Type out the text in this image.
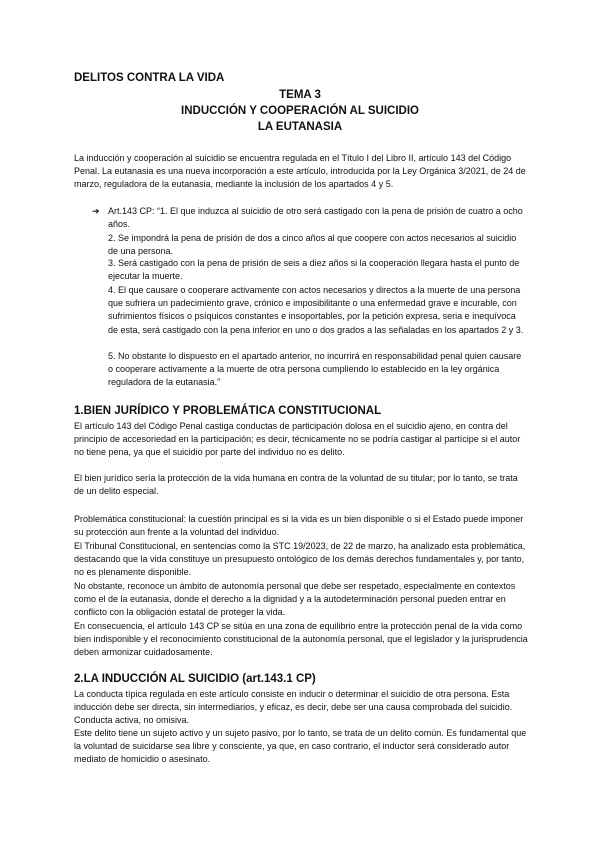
DELITOS CONTRA LA VIDA
TEMA 3
INDUCCIÓN Y COOPERACIÓN AL SUICIDIO
LA EUTANASIA

La inducción y cooperación al suicidio se encuentra regulada en el Título I del Libro II, artículo 143 del Código Penal. La eutanasia es una nueva incorporación a este artículo, introducida por la Ley Orgánica 3/2021, de 24 de marzo, reguladora de la eutanasia, mediante la inclusión de los apartados 4 y 5.

➔ Art.143 CP: “1. El que induzca al suicidio de otro será castigado con la pena de prisión de cuatro a ocho años.

2. Se impondrá la pena de prisión de dos a cinco años al que coopere con actos necesarios al suicidio de una persona.

3. Será castigado con la pena de prisión de seis a diez años si la cooperación llegara hasta el punto de ejecutar la muerte.

4. El que causare o cooperare activamente con actos necesarios y directos a la muerte de una persona que sufriera un padecimiento grave, crónico e imposibilitante o una enfermedad grave e incurable, con sufrimientos físicos o psíquicos constantes e insoportables, por la petición expresa, seria e inequívoca de esta, será castigado con la pena inferior en uno o dos grados a las señaladas en los apartados 2 y 3.

5. No obstante lo dispuesto en el apartado anterior, no incurrirá en responsabilidad penal quien causare o cooperare activamente a la muerte de otra persona cumpliendo lo establecido en la ley orgánica reguladora de la eutanasia.”

1.BIEN JURÍDICO Y PROBLEMÁTICA CONSTITUCIONAL

El artículo 143 del Código Penal castiga conductas de participación dolosa en el suicidio ajeno, en contra del principio de accesoriedad en la participación; es decir, técnicamente no se podría castigar al partícipe si el autor no tiene pena, ya que el suicidio por parte del individuo no es delito.

El bien jurídico sería la protección de la vida humana en contra de la voluntad de su titular; por lo tanto, se trata de un delito especial.

Problemática constitucional: la cuestión principal es si la vida es un bien disponible o si el Estado puede imponer su protección aun frente a la voluntad del individuo.

El Tribunal Constitucional, en sentencias como la STC 19/2023, de 22 de marzo, ha analizado esta problemática, destacando que la vida constituye un presupuesto ontológico de los demás derechos fundamentales y, por tanto, no es plenamente disponible.

No obstante, reconoce un ámbito de autonomía personal que debe ser respetado, especialmente en contextos como el de la eutanasia, donde el derecho a la dignidad y a la autodeterminación personal pueden entrar en conflicto con la obligación estatal de proteger la vida.

En consecuencia, el artículo 143 CP se sitúa en una zona de equilibrio entre la protección penal de la vida como bien indisponible y el reconocimiento constitucional de la autonomía personal, que el legislador y la jurisprudencia deben armonizar cuidadosamente.

2.LA INDUCCIÓN AL SUICIDIO (art.143.1 CP)

La conducta típica regulada en este artículo consiste en inducir o determinar el suicidio de otra persona. Esta inducción debe ser directa, sin intermediarios, y eficaz, es decir, debe ser una causa comprobada del suicidio. Conducta activa, no omisiva.

Este delito tiene un sujeto activo y un sujeto pasivo, por lo tanto, se trata de un delito común. Es fundamental que la voluntad de suicidarse sea libre y consciente, ya que, en caso contrario, el inductor será considerado autor mediato de homicidio o asesinato.
